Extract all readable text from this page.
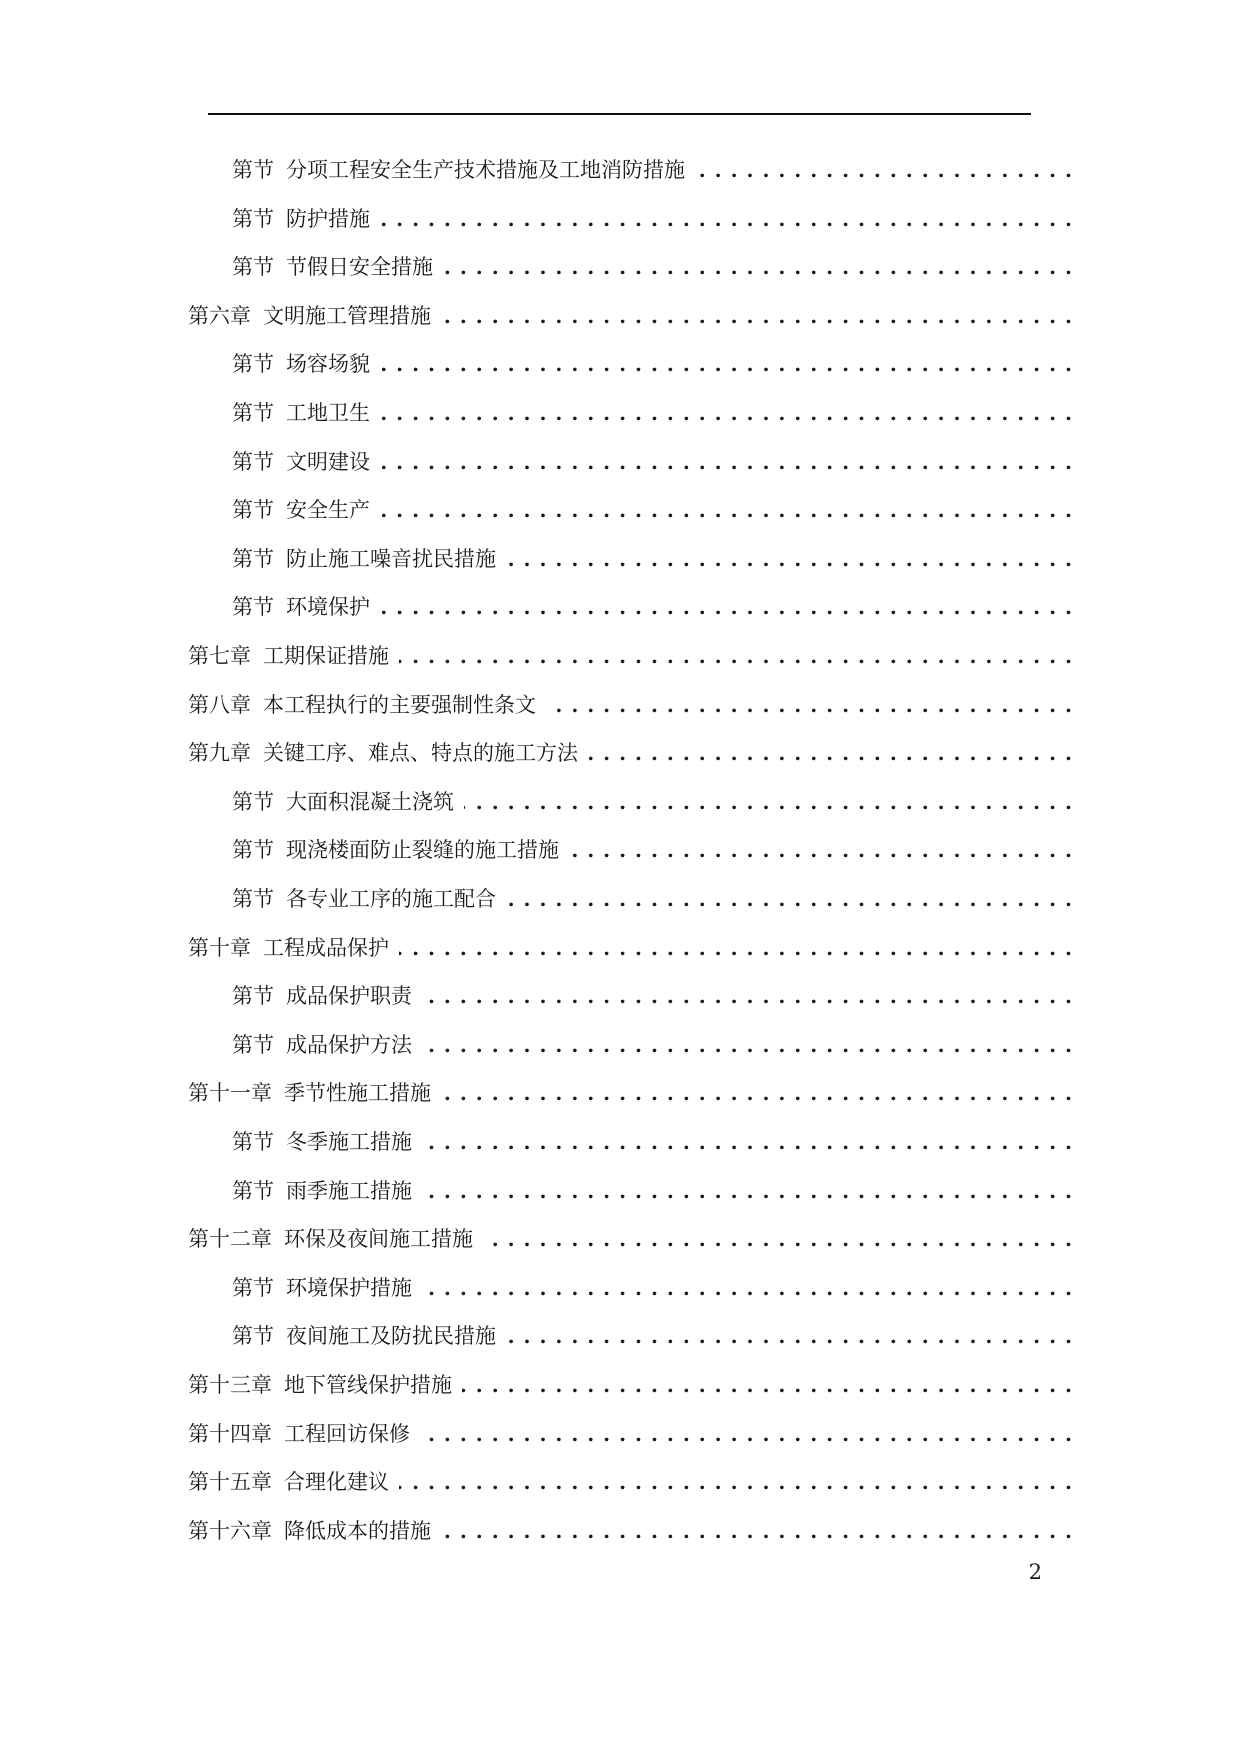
第节 分项工程安全生产技术措施及工地消防措施
. . .
第节 防护措施
. . .
第节 节假日安全措施
. . .
第六章 文明施工管理措施
. . .
第节 场容场貌
. . .
第节 工地卫生
. . .
第节 文明建设
. . .
第节 安全生产
. . .
第节 防止施工噪音扰民措施
. . .
第节 环境保护
. . .
第七章 工期保证措施
. . .
第八章 本工程执行的主要强制性条文
. . .
第九章 关键工序、难点、特点的施工方法
. . .
第节 大面积混凝土浇筑
. . .
第节 现浇楼面防止裂缝的施工措施
. . .
第节 各专业工序的施工配合
. . .
第十章 工程成品保护
. . .
第节 成品保护职责
. . .
第节 成品保护方法
. . .
第十一章 季节性施工措施
. . .
第节 冬季施工措施
. . .
第节 雨季施工措施
. . .
第十二章 环保及夜间施工措施
. . .
第节 环境保护措施
. . .
第节 夜间施工及防扰民措施
. . .
第十三章 地下管线保护措施
. . .
第十四章 工程回访保修
. . .
第十五章 合理化建议
. . .
第十六章 降低成本的措施
. . .
2
